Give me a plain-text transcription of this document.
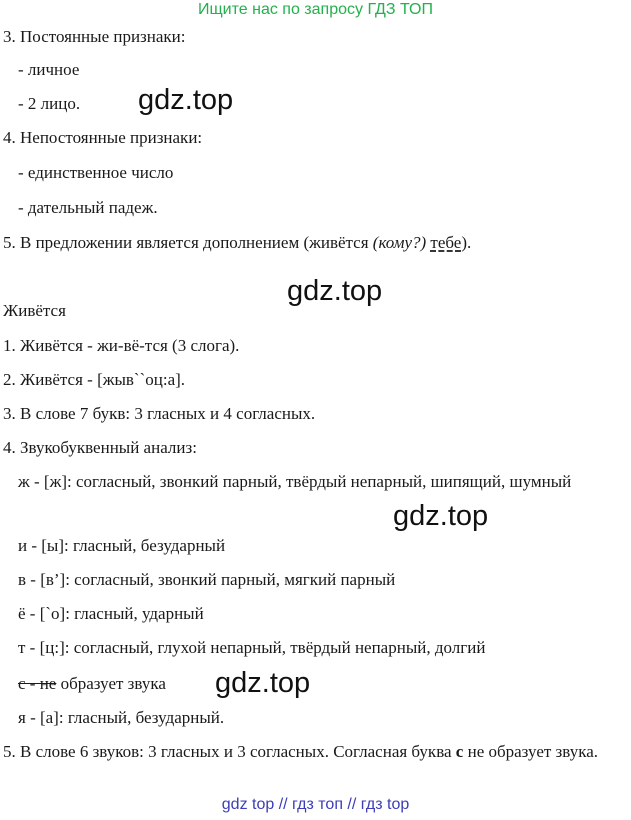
Ищите нас по запросу ГДЗ ТОП
3. Постоянные признаки:
- личное
- 2 лицо.
4. Непостоянные признаки:
- единственное число
- дательный падеж.
5. В предложении является дополнением (живётся (кому?) тебе).
Живётся
1. Живётся - жи-вё-тся (3 слога).
2. Живётся - [жыв``оц:а].
3. В слове 7 букв: 3 гласных и 4 согласных.
4. Звукобуквенный анализ:
ж - [ж]: согласный, звонкий парный, твёрдый непарный, шипящий, шумный
и - [ы]: гласный, безударный
в - [в’]: согласный, звонкий парный, мягкий парный
ё - [`о]: гласный, ударный
т - [ц:]: согласный, глухой непарный, твёрдый непарный, долгий
с - не образует звука
я - [а]: гласный, безударный.
5. В слове 6 звуков: 3 гласных и 3 согласных. Согласная буква с не образует звука.
gdz.top
gdz.top
gdz.top
gdz.top
gdz top // гдз топ // гдз top
